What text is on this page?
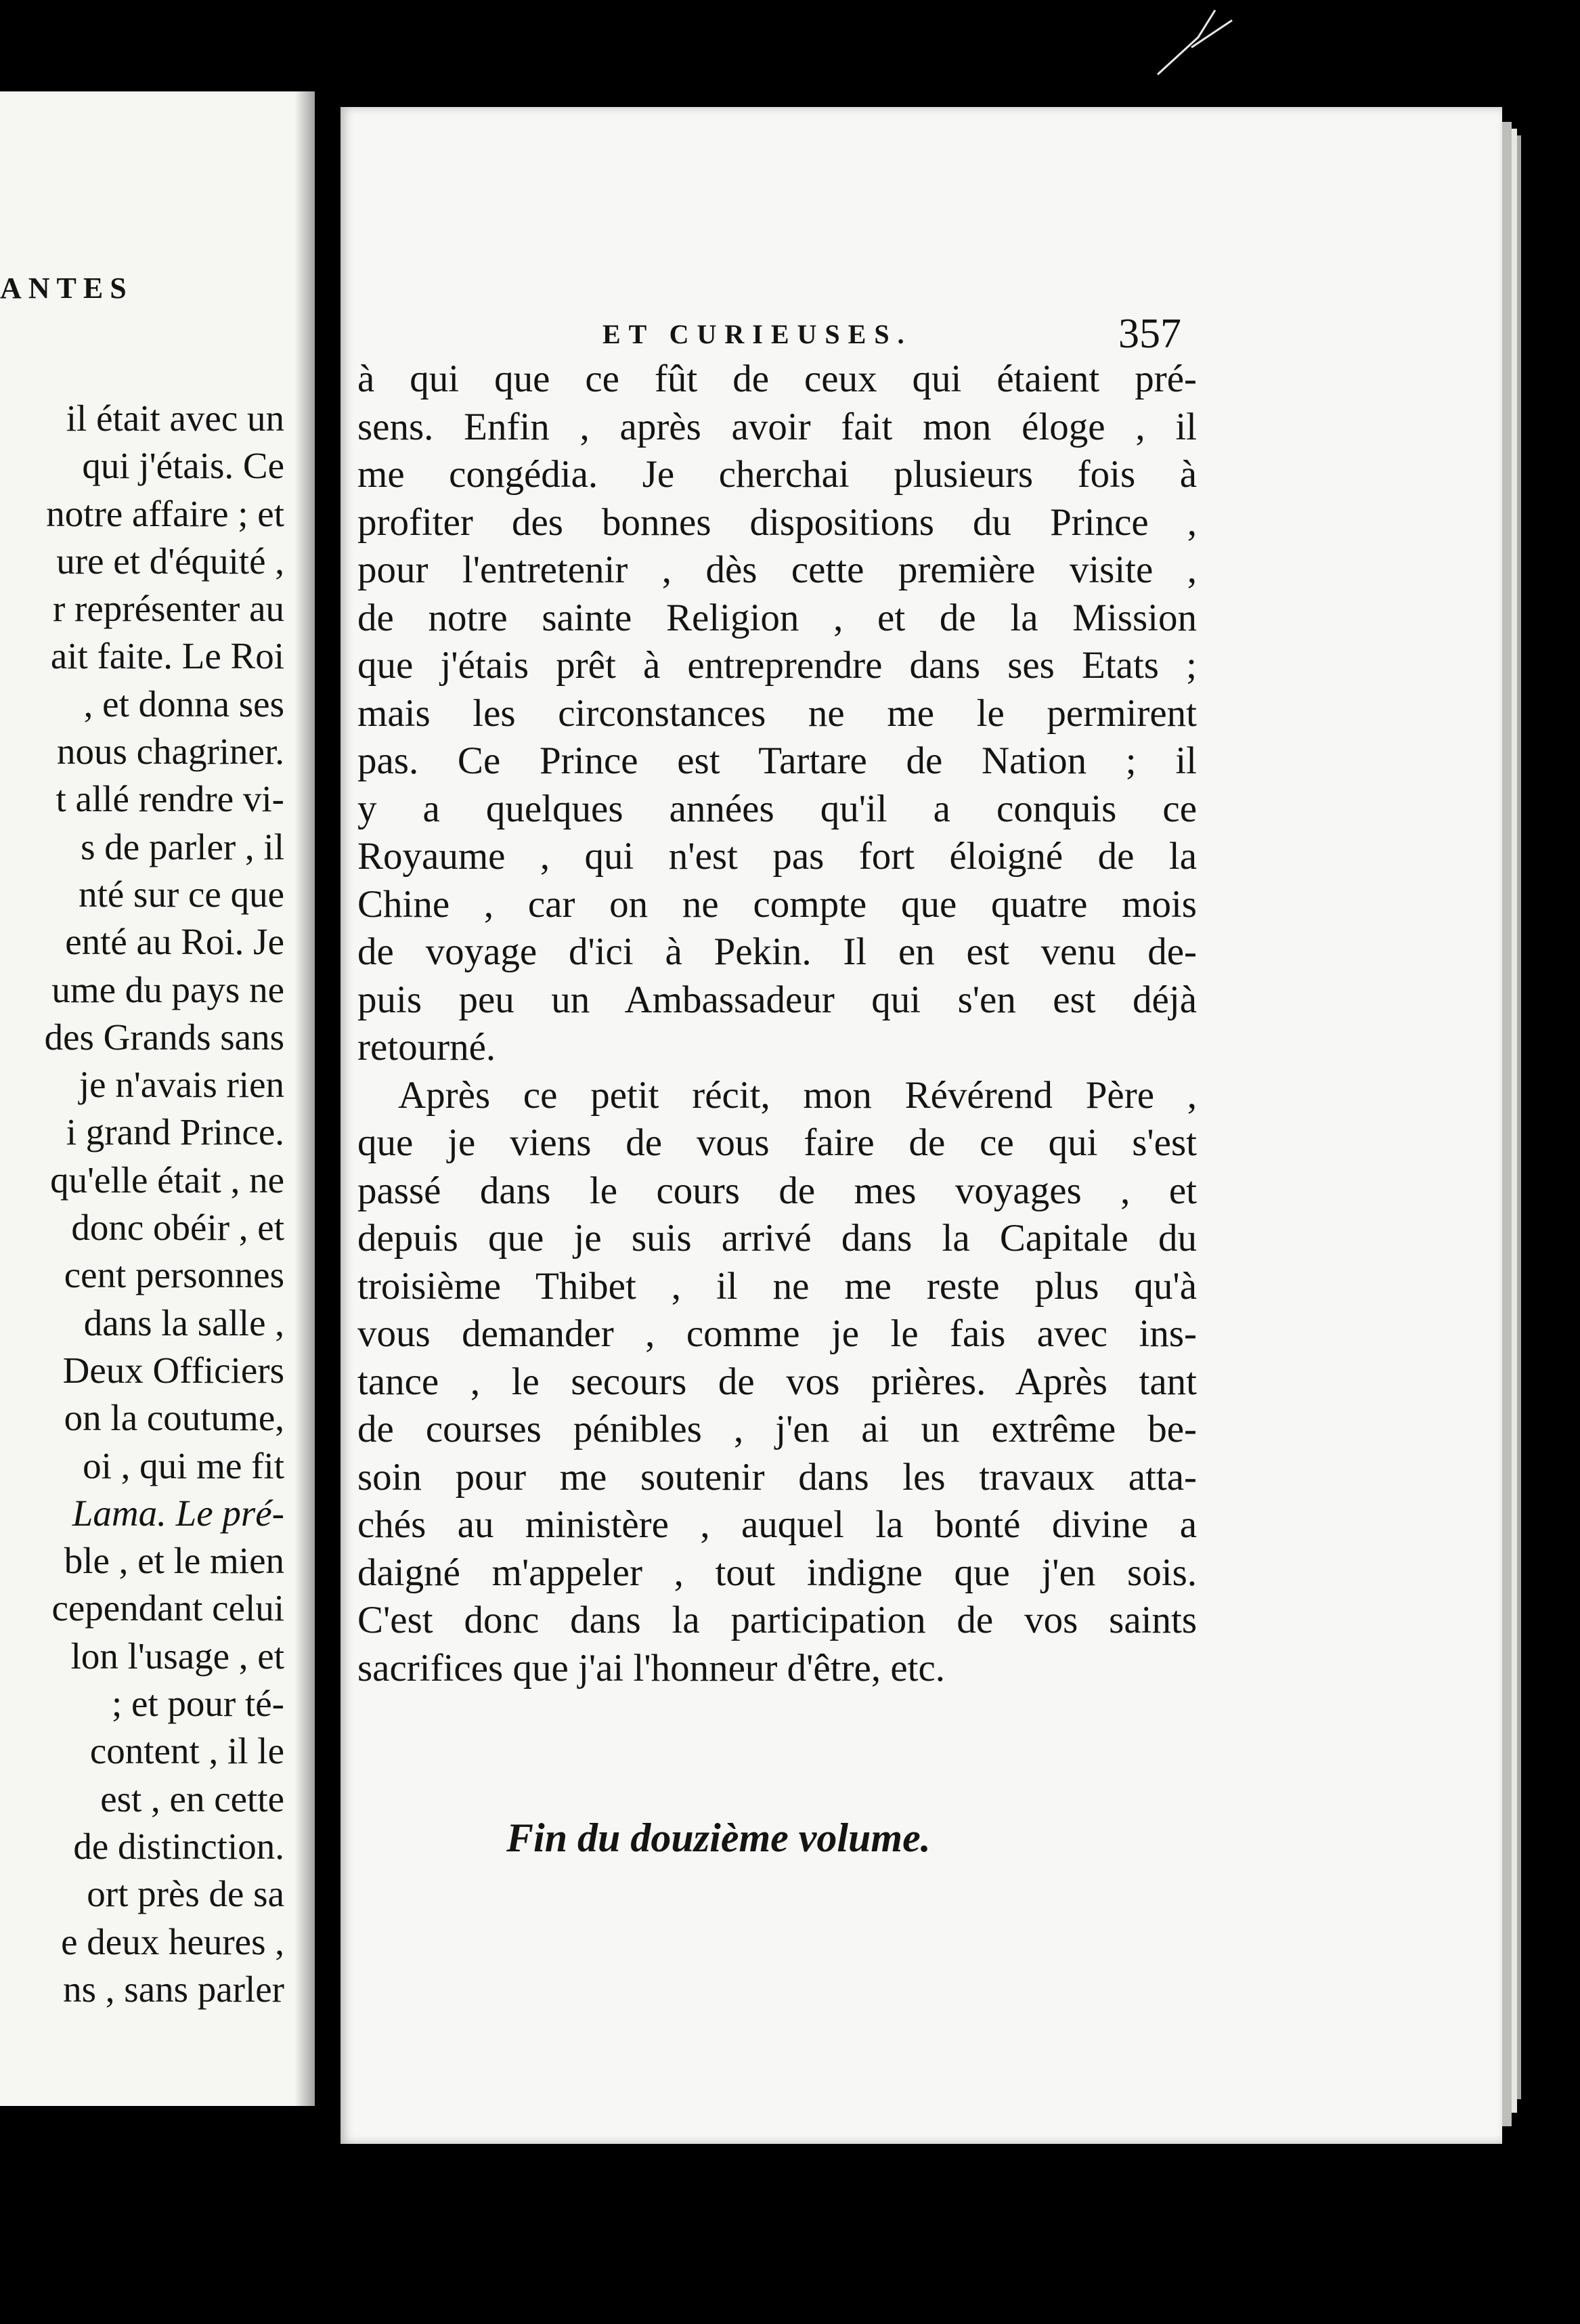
ANTES
il était avec un
qui j'étais. Ce
notre affaire ; et
ure et d'équité ,
r représenter au
ait faite. Le Roi
, et donna ses
nous chagriner.
t allé rendre vi-
s de parler , il
nté sur ce que
enté au Roi. Je
ume du pays ne
des Grands sans
je n'avais rien
i grand Prince.
qu'elle était , ne
donc obéir , et
cent personnes
dans la salle ,
Deux Officiers
on la coutume,
oi , qui me fit
Lama. Le pré-
ble , et le mien
cependant celui
lon l'usage , et
; et pour té-
content , il le
est , en cette
de distinction.
ort près de sa
e deux heures ,
ns , sans parler
ET CURIEUSES.	357
à qui que ce fût de ceux qui étaient pré-
sens. Enfin , après avoir fait mon éloge , il
me congédia. Je cherchai plusieurs fois à
profiter des bonnes dispositions du Prince ,
pour l'entretenir , dès cette première visite ,
de notre sainte Religion , et de la Mission
que j'étais prêt à entreprendre dans ses Etats ;
mais les circonstances ne me le permirent
pas. Ce Prince est Tartare de Nation ; il
y a quelques années qu'il a conquis ce
Royaume , qui n'est pas fort éloigné de la
Chine , car on ne compte que quatre mois
de voyage d'ici à Pekin. Il en est venu de-
puis peu un Ambassadeur qui s'en est déjà
retourné.
Après ce petit récit, mon Révérend Père ,
que je viens de vous faire de ce qui s'est
passé dans le cours de mes voyages , et
depuis que je suis arrivé dans la Capitale du
troisième Thibet , il ne me reste plus qu'à
vous demander , comme je le fais avec ins-
tance , le secours de vos prières. Après tant
de courses pénibles , j'en ai un extrême be-
soin pour me soutenir dans les travaux atta-
chés au ministère , auquel la bonté divine a
daigné m'appeler , tout indigne que j'en sois.
C'est donc dans la participation de vos saints
sacrifices que j'ai l'honneur d'être, etc.
Fin du douzième volume.
